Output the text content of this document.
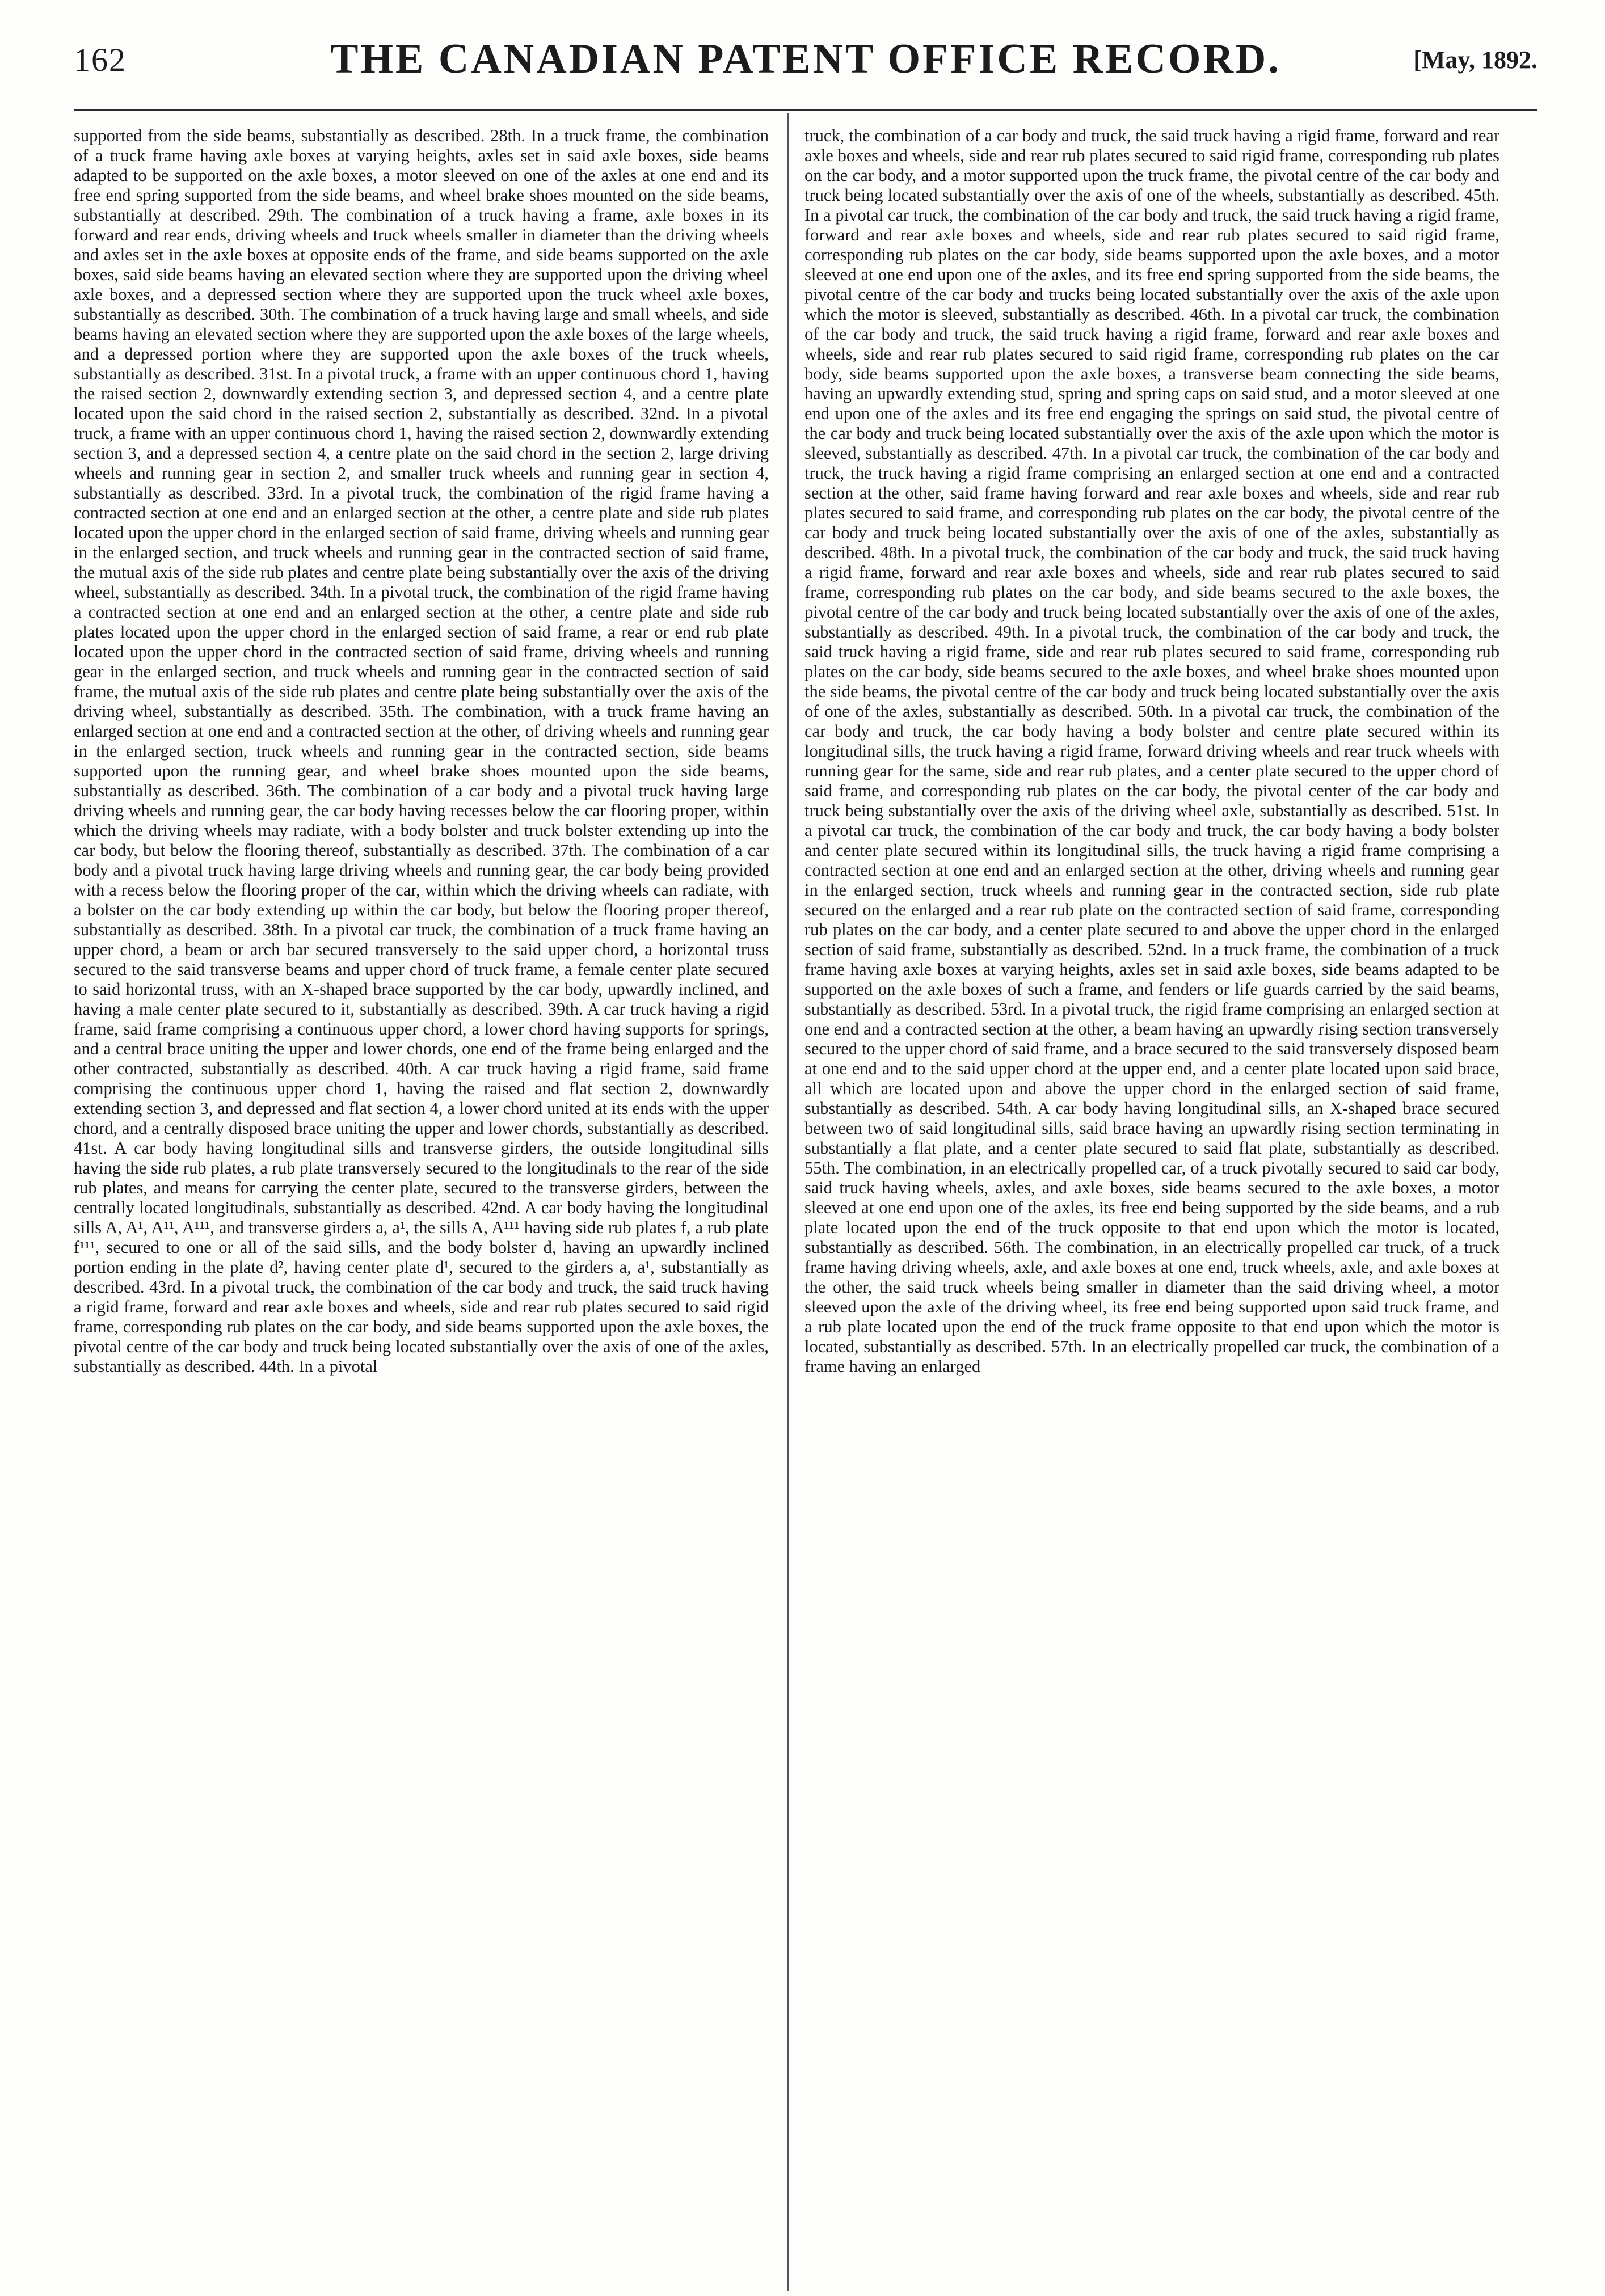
162	THE CANADIAN PATENT OFFICE RECORD.	[May, 1892.

supported from the side beams, substantially as described. 28th. In a truck frame, the combination of a truck frame having axle boxes at varying heights, axles set in said axle boxes, side beams adapted to be supported on the axle boxes, a motor sleeved on one of the axles at one end and its free end spring supported from the side beams, and wheel brake shoes mounted on the side beams, substantially at described. 29th. The combination of a truck having a frame, axle boxes in its forward and rear ends, driving wheels and truck wheels smaller in diameter than the driving wheels and axles set in the axle boxes at opposite ends of the frame, and side beams supported on the axle boxes, said side beams having an elevated section where they are supported upon the driving wheel axle boxes, and a depressed section where they are supported upon the truck wheel axle boxes, substantially as described. 30th. The combination of a truck having large and small wheels, and side beams having an elevated section where they are supported upon the axle boxes of the large wheels, and a depressed portion where they are supported upon the axle boxes of the truck wheels, substantially as described. 31st. In a pivotal truck, a frame with an upper continuous chord 1, having the raised section 2, downwardly extending section 3, and depressed section 4, and a centre plate located upon the said chord in the raised section 2, substantially as described. 32nd. In a pivotal truck, a frame with an upper continuous chord 1, having the raised section 2, downwardly extending section 3, and a depressed section 4, a centre plate on the said chord in the section 2, large driving wheels and running gear in section 2, and smaller truck wheels and running gear in section 4, substantially as described. 33rd. In a pivotal truck, the combination of the rigid frame having a contracted section at one end and an enlarged section at the other, a centre plate and side rub plates located upon the upper chord in the enlarged section of said frame, driving wheels and running gear in the enlarged section, and truck wheels and running gear in the contracted section of said frame, the mutual axis of the side rub plates and centre plate being substantially over the axis of the driving wheel, substantially as described. 34th. In a pivotal truck, the combination of the rigid frame having a contracted section at one end and an enlarged section at the other, a centre plate and side rub plates located upon the upper chord in the enlarged section of said frame, a rear or end rub plate located upon the upper chord in the contracted section of said frame, driving wheels and running gear in the enlarged section, and truck wheels and running gear in the contracted section of said frame, the mutual axis of the side rub plates and centre plate being substantially over the axis of the driving wheel, substantially as described. 35th. The combination, with a truck frame having an enlarged section at one end and a contracted section at the other, of driving wheels and running gear in the enlarged section, truck wheels and running gear in the contracted section, side beams supported upon the running gear, and wheel brake shoes mounted upon the side beams, substantially as described. 36th. The combination of a car body and a pivotal truck having large driving wheels and running gear, the car body having recesses below the car flooring proper, within which the driving wheels may radiate, with a body bolster and truck bolster extending up into the car body, but below the flooring thereof, substantially as described. 37th. The combination of a car body and a pivotal truck having large driving wheels and running gear, the car body being provided with a recess below the flooring proper of the car, within which the driving wheels can radiate, with a bolster on the car body extending up within the car body, but below the flooring proper thereof, substantially as described. 38th. In a pivotal car truck, the combination of a truck frame having an upper chord, a beam or arch bar secured transversely to the said upper chord, a horizontal truss secured to the said transverse beams and upper chord of truck frame, a female center plate secured to said horizontal truss, with an X-shaped brace supported by the car body, upwardly inclined, and having a male center plate secured to it, substantially as described. 39th. A car truck having a rigid frame, said frame comprising a continuous upper chord, a lower chord having supports for springs, and a central brace uniting the upper and lower chords, one end of the frame being enlarged and the other contracted, substantially as described. 40th. A car truck having a rigid frame, said frame comprising the continuous upper chord 1, having the raised and flat section 2, downwardly extending section 3, and depressed and flat section 4, a lower chord united at its ends with the upper chord, and a centrally disposed brace uniting the upper and lower chords, substantially as described. 41st. A car body having longitudinal sills and transverse girders, the outside longitudinal sills having the side rub plates, a rub plate transversely secured to the longitudinals to the rear of the side rub plates, and means for carrying the center plate, secured to the transverse girders, between the centrally located longitudinals, substantially as described. 42nd. A car body having the longitudinal sills A, A¹, A¹¹, A¹¹¹, and transverse girders a, a¹, the sills A, A¹¹¹ having side rub plates f, a rub plate f¹¹¹, secured to one or all of the said sills, and the body bolster d, having an upwardly inclined portion ending in the plate d², having center plate d¹, secured to the girders a, a¹, substantially as described. 43rd. In a pivotal truck, the combination of the car body and truck, the said truck having a rigid frame, forward and rear axle boxes and wheels, side and rear rub plates secured to said rigid frame, corresponding rub plates on the car body, and side beams supported upon the axle boxes, the pivotal centre of the car body and truck being located substantially over the axis of one of the axles, substantially as described. 44th. In a pivotal

truck, the combination of a car body and truck, the said truck having a rigid frame, forward and rear axle boxes and wheels, side and rear rub plates secured to said rigid frame, corresponding rub plates on the car body, and a motor supported upon the truck frame, the pivotal centre of the car body and truck being located substantially over the axis of one of the wheels, substantially as described. 45th. In a pivotal car truck, the combination of the car body and truck, the said truck having a rigid frame, forward and rear axle boxes and wheels, side and rear rub plates secured to said rigid frame, corresponding rub plates on the car body, side beams supported upon the axle boxes, and a motor sleeved at one end upon one of the axles, and its free end spring supported from the side beams, the pivotal centre of the car body and trucks being located substantially over the axis of the axle upon which the motor is sleeved, substantially as described. 46th. In a pivotal car truck, the combination of the car body and truck, the said truck having a rigid frame, forward and rear axle boxes and wheels, side and rear rub plates secured to said rigid frame, corresponding rub plates on the car body, side beams supported upon the axle boxes, a transverse beam connecting the side beams, having an upwardly extending stud, spring and spring caps on said stud, and a motor sleeved at one end upon one of the axles and its free end engaging the springs on said stud, the pivotal centre of the car body and truck being located substantially over the axis of the axle upon which the motor is sleeved, substantially as described. 47th. In a pivotal car truck, the combination of the car body and truck, the truck having a rigid frame comprising an enlarged section at one end and a contracted section at the other, said frame having forward and rear axle boxes and wheels, side and rear rub plates secured to said frame, and corresponding rub plates on the car body, the pivotal centre of the car body and truck being located substantially over the axis of one of the axles, substantially as described. 48th. In a pivotal truck, the combination of the car body and truck, the said truck having a rigid frame, forward and rear axle boxes and wheels, side and rear rub plates secured to said frame, corresponding rub plates on the car body, and side beams secured to the axle boxes, the pivotal centre of the car body and truck being located substantially over the axis of one of the axles, substantially as described. 49th. In a pivotal truck, the combination of the car body and truck, the said truck having a rigid frame, side and rear rub plates secured to said frame, corresponding rub plates on the car body, side beams secured to the axle boxes, and wheel brake shoes mounted upon the side beams, the pivotal centre of the car body and truck being located substantially over the axis of one of the axles, substantially as described. 50th. In a pivotal car truck, the combination of the car body and truck, the car body having a body bolster and centre plate secured within its longitudinal sills, the truck having a rigid frame, forward driving wheels and rear truck wheels with running gear for the same, side and rear rub plates, and a center plate secured to the upper chord of said frame, and corresponding rub plates on the car body, the pivotal center of the car body and truck being substantially over the axis of the driving wheel axle, substantially as described. 51st. In a pivotal car truck, the combination of the car body and truck, the car body having a body bolster and center plate secured within its longitudinal sills, the truck having a rigid frame comprising a contracted section at one end and an enlarged section at the other, driving wheels and running gear in the enlarged section, truck wheels and running gear in the contracted section, side rub plate secured on the enlarged and a rear rub plate on the contracted section of said frame, corresponding rub plates on the car body, and a center plate secured to and above the upper chord in the enlarged section of said frame, substantially as described. 52nd. In a truck frame, the combination of a truck frame having axle boxes at varying heights, axles set in said axle boxes, side beams adapted to be supported on the axle boxes of such a frame, and fenders or life guards carried by the said beams, substantially as described. 53rd. In a pivotal truck, the rigid frame comprising an enlarged section at one end and a contracted section at the other, a beam having an upwardly rising section transversely secured to the upper chord of said frame, and a brace secured to the said transversely disposed beam at one end and to the said upper chord at the upper end, and a center plate located upon said brace, all which are located upon and above the upper chord in the enlarged section of said frame, substantially as described. 54th. A car body having longitudinal sills, an X-shaped brace secured between two of said longitudinal sills, said brace having an upwardly rising section terminating in substantially a flat plate, and a center plate secured to said flat plate, substantially as described. 55th. The combination, in an electrically propelled car, of a truck pivotally secured to said car body, said truck having wheels, axles, and axle boxes, side beams secured to the axle boxes, a motor sleeved at one end upon one of the axles, its free end being supported by the side beams, and a rub plate located upon the end of the truck opposite to that end upon which the motor is located, substantially as described. 56th. The combination, in an electrically propelled car truck, of a truck frame having driving wheels, axle, and axle boxes at one end, truck wheels, axle, and axle boxes at the other, the said truck wheels being smaller in diameter than the said driving wheel, a motor sleeved upon the axle of the driving wheel, its free end being supported upon said truck frame, and a rub plate located upon the end of the truck frame opposite to that end upon which the motor is located, substantially as described. 57th. In an electrically propelled car truck, the combination of a frame having an enlarged
